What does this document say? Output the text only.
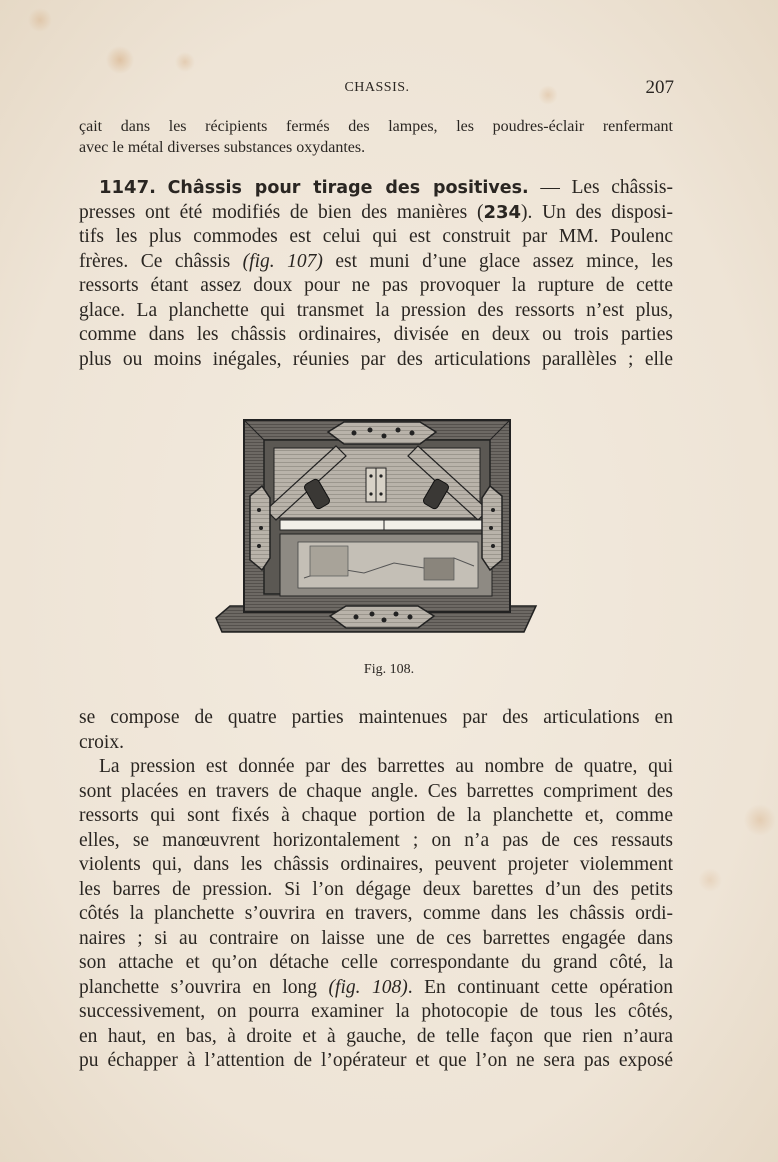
CHASSIS.	207
çait dans les récipients fermés des lampes, les poudres-éclair renfermant
avec le métal diverses substances oxydantes.
1147. Châssis pour tirage des positives. — Les châssis-
presses ont été modifiés de bien des manières (234). Un des disposi-
tifs les plus commodes est celui qui est construit par MM. Poulenc
frères. Ce châssis (fig. 107) est muni d’une glace assez mince, les
ressorts étant assez doux pour ne pas provoquer la rupture de cette
glace. La planchette qui transmet la pression des ressorts n’est plus,
comme dans les châssis ordinaires, divisée en deux ou trois parties
plus ou moins inégales, réunies par des articulations parallèles ; elle
Fig. 108.
se compose de quatre parties maintenues par des articulations en
croix.
La pression est donnée par des barrettes au nombre de quatre, qui
sont placées en travers de chaque angle. Ces barrettes compriment des
ressorts qui sont fixés à chaque portion de la planchette et, comme
elles, se manœuvrent horizontalement ; on n’a pas de ces ressauts
violents qui, dans les châssis ordinaires, peuvent projeter violemment
les barres de pression. Si l’on dégage deux barettes d’un des petits
côtés la planchette s’ouvrira en travers, comme dans les châssis ordi-
naires ; si au contraire on laisse une de ces barrettes engagée dans
son attache et qu’on détache celle correspondante du grand côté, la
planchette s’ouvrira en long (fig. 108). En continuant cette opération
successivement, on pourra examiner la photocopie de tous les côtés,
en haut, en bas, à droite et à gauche, de telle façon que rien n’aura
pu échapper à l’attention de l’opérateur et que l’on ne sera pas exposé
